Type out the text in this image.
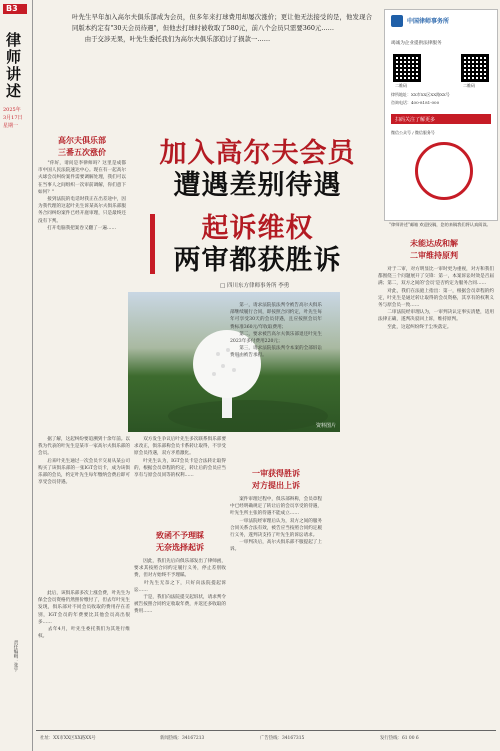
B3
律师讲述
2025年
3月17日
星期一
责任编辑：张宇
叶先生早年加入高尔夫俱乐部成为会员，但多年来打球费用却屡次涨价；更让他无法接受的是，他发现合同版本约定有"30天会员待遇"，但他去打球时被收取了580元，前八个会员只需要360元……
　　由于交涉无果，叶先生委托我们为高尔夫俱乐部追讨了损款一……
加入高尔夫会员
遭遇差别待遇
起诉维权
两审都获胜诉
□ 四川东方律师事务所 李勇
高尔夫俱乐部
三番五次涨价
　　"你好，请问是李律师吗？这里是成都市中国人民法院速达中心。现在有一起高尔夫球会员纠纷案件需要调解处理，我们可以在当事人之间组织一次审前调解，你们意下如何？"
　　接到法院的电话时我正在出差途中，因为我代理的这起叶先生诉某高尔夫俱乐部服务合同纠纷案件已经开庭审理，只是最终还没有下判。
　　打开电脑我把案卷又翻了一遍……
资料图片
　　据了解，这起纠纷要追溯到十余年前。以我为代表的叶先生是某市一家高尔夫俱乐部的会员。
　　后来叶先生通过一次会员卡交易从某公司购买了该俱乐部的一张IGT会员卡，成为该俱乐部的会员，约定叶先生每年缴纳会费后即可享受会员待遇。
　　此后，该俱乐部多次上涨会费，叶先生为保全会员资格仍然照价缴付了，但去年叶先生发现，俱乐部对不同会员收取的费用存在差别，IGT会员的年费要比其他会员高出很多……
　　去年4月，叶先生委托我们为其进行维权。
　　双方发生争议后叶先生多次联系俱乐部要求改正，俱乐部称会员卡系转让取得，不享受原会员待遇，双方矛盾激化。
　　叶先生认为，IGT会员卡是合法转让取得的，根据会员章程的约定，转让后的会员应当享有与原会员同等的权利……
致函不予理睬
无奈选择起诉
　　因此，我们先后向俱乐部发出了律师函，要求其按照合同约定履行义务，停止差别收费，但对方始终不予理睬。
　　叶先生无奈之下，只好向法院提起诉讼……
　　于是，我们向法院提交起诉状，请求判令被告按照合同约定收取年费，并返还多收取的费用……
　　第一，请求法院依法判令被告高尔夫俱乐部继续履行合同，即按照合同约定，叶先生每年可享受30天的会员待遇，且应按照会员年费标准360元/年收取费用；
　　第二，要求被告高尔夫俱乐部退还叶先生2023年多付费用220元；
　　第三，请求法院依法判令本案的全部诉讼费用由被告承担。
一审获得胜诉
对方提出上诉
　　案件审理过程中，俱乐部辩称，会员章程中已经明确规定了转让后的会员享受的待遇，叶先生所主张的待遇不能成立……
　　一审法院经审理后认为，双方之间的服务合同关系合法有效，被告应当按照合同约定履行义务，遂判决支持了叶先生的诉讼请求。
　　一审判决后，高尔夫俱乐部不服提起了上诉。
未能达成和解
二审维持原判
　　对于二审，对方明显比一审时更为重视，对方和我们都围绕三个问题展开了交锋：第一，本案诉讼时效是否届满；第二，双方之间的'会员'是否约定为服务合同……
　　对此，我们在法庭上指出：第一，根据会员章程的约定，叶先生是通过转让取得的会员资格，其享有的权利义务与原会员一致……
　　二审法院经审理认为，一审判决认定事实清楚，适用法律正确，遂判决驳回上诉，维持原判。
　　至此，这起纠纷终于尘埃落定。
中国律师事务所
竭诚为企业提供法律服务
二维码	二维码
律所地址：XX市XX区XX路XX号
咨询电话：400-8181-000
扫码关注了解更多
微信公众号 / 微信服务号
"律师讲述"邮箱 欢迎投稿，您的来稿我们将认真阅读。
社址：XX市XX区XX路XX号	新闻热线：34167213	广告热线：34167315	发行热线：61 00 6
